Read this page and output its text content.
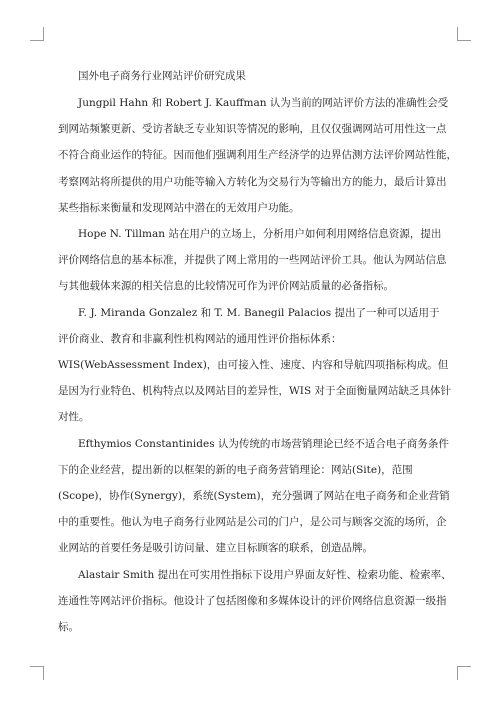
国外电子商务行业网站评价研究成果
Jungpil Hahn 和 Robert J. Kauffman 认为当前的网站评价方法的准确性会受
到网站频繁更新、受访者缺乏专业知识等情况的影响，且仅仅强调网站可用性这一点
不符合商业运作的特征。因而他们强调利用生产经济学的边界估测方法评价网站性能，
考察网站将所提供的用户功能等输入方转化为交易行为等输出方的能力，最后计算出
某些指标来衡量和发现网站中潜在的无效用户功能。
Hope N. Tillman 站在用户的立场上，分析用户如何利用网络信息资源，提出
评价网络信息的基本标准，并提供了网上常用的一些网站评价工具。他认为网站信息
与其他载体来源的相关信息的比较情况可作为评价网站质量的必备指标。
F. J. Miranda Gonzalez 和 T. M. Banegil Palacios 提出了一种可以适用于
评价商业、教育和非赢利性机构网站的通用性评价指标体系：
WIS(WebAssessment Index)，由可接入性、速度、内容和导航四项指标构成。但
是因为行业特色、机构特点以及网站目的差异性，WIS 对于全面衡量网站缺乏具体针
对性。
Efthymios Constantinides 认为传统的市场营销理论已经不适合电子商务条件
下的企业经营，提出新的以框架的新的电子商务营销理论：网站(Site)，范围
(Scope)，协作(Synergy)，系统(System)，充分强调了网站在电子商务和企业营销
中的重要性。他认为电子商务行业网站是公司的门户，是公司与顾客交流的场所，企
业网站的首要任务是吸引访问量、建立目标顾客的联系，创造品牌。
Alastair Smith 提出在可实用性指标下设用户界面友好性、检索功能、检索率、
连通性等网站评价指标。他设计了包括图像和多媒体设计的评价网络信息资源一级指
标。
